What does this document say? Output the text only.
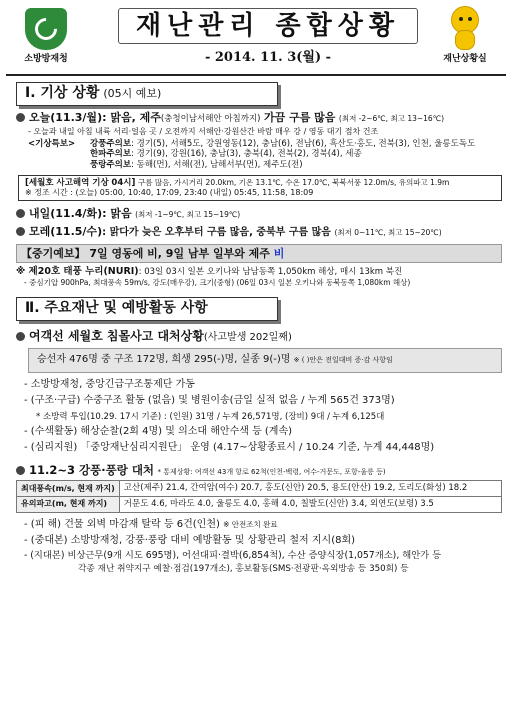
소방방재청
재난관리 종합상황
- 2014. 11. 3(월) -	재난상황실
Ⅰ. 기상 상황 (05시 예보)
오늘(11.3/월): 맑음, 제주(충청이남서해안 아침까지) 가끔 구름 많음 (최저 -2~6℃, 최고 13~16℃)
- 오늘과 내일 아침 내륙 서리·얼음 곳 / 오전까지 서해안·강원산간 바람 매우 강 / 영동 대기 점차 건조
<기상특보> 강풍주의보: 경기(5), 서해5도, 강원영동(12), 충남(6), 전남(6), 흑산도·홍도, 전북(3), 인천, 울릉도독도
한파주의보: 경기(9), 강원(16), 충남(3), 충북(4), 전북(2), 경북(4), 세종
풍랑주의보: 동해(먼), 서해(전), 남해서부(먼), 제주도(전)
[세월호 사고해역 기상 04시] 구름 많음, 가시거리 20.0km, 기온 13.1℃, 수온 17.0℃, 북북서풍 12.0m/s, 유의파고 1.9m
※ 정조 시간 : (오늘) 05:00, 10:40, 17:09, 23:40 (내일) 05:45, 11:58, 18:09
내일(11.4/화): 맑음 (최저 -1~9℃, 최고 15~19℃)
모레(11.5/수): 맑다가 늦은 오후부터 구름 많음, 중북부 구름 많음 (최저 0~11℃, 최고 15~20℃)
【중기예보】 7일 영동에 비, 9일 남부 일부와 제주 비
※ 제20호 태풍 누리(NURI): 03일 03시 일본 오키나와 남남동쪽 1,050km 해상, 매시 13km 북진
- 중심기압 900hPa, 최대풍속 59m/s, 강도(매우강), 크기(중형) (06일 03시 일본 오키나와 동북동쪽 1,080km 해상)
Ⅱ. 주요재난 및 예방활동 사항
여객선 세월호 침몰사고 대처상황(사고발생 202일째)
승선자 476명 중 구조 172명, 희생 295(-)명, 실종 9(-)명 ※ ( )안은 전일대비 증·감 사항임
- 소방방재청, 중앙긴급구조통제단 가동
- (구조·구급) 수중구조 활동 (없음) 및 병원이송(금일 실적 없음 / 누계 565건 373명)
* 소방력 투입(10.29. 17시 기준) : (인원) 31명 / 누계 26,571명, (장비) 9대 / 누계 6,125대
- (수색활동) 해상순찰(2회 4명) 및 의소대 해안수색 등 (계속)
- (심리지원) 「중앙재난심리지원단」 운영 (4.17~상황종료시 / 10.24 기준, 누계 44,448명)
11.2~3 강풍·풍랑 대처 * 통제상황: 여객선 43개 항로 62척(인천-백령, 여수-거문도, 포항-울릉 등)
최대풍속(m/s, 현재 까지)	고산(제주) 21.4, 간여암(여수) 20.7, 홍도(신안) 20.5, 용도(안산) 19.2, 도리도(화성) 18.2
유의파고(m, 현재 까지)	거문도 4.6, 마라도 4.0, 울릉도 4.0, 홍해 4.0, 칠발도(신안) 3.4, 외연도(보령) 3.5
- (피 해) 건물 외벽 마감재 탈락 등 6건(인천) ※ 안전조치 완료
- (중대본) 소방방재청, 강풍·풍랑 대비 예방활동 및 상황관리 철저 지시(8회)
- (지대본) 비상근무(9개 시도 695명), 어선대피·결박(6,854척), 수산 증양식장(1,057개소), 해안가 등
각종 재난 취약지구 예찰·점검(197개소), 홍보활동(SMS·전광판·옥외방송 등 350회) 등
